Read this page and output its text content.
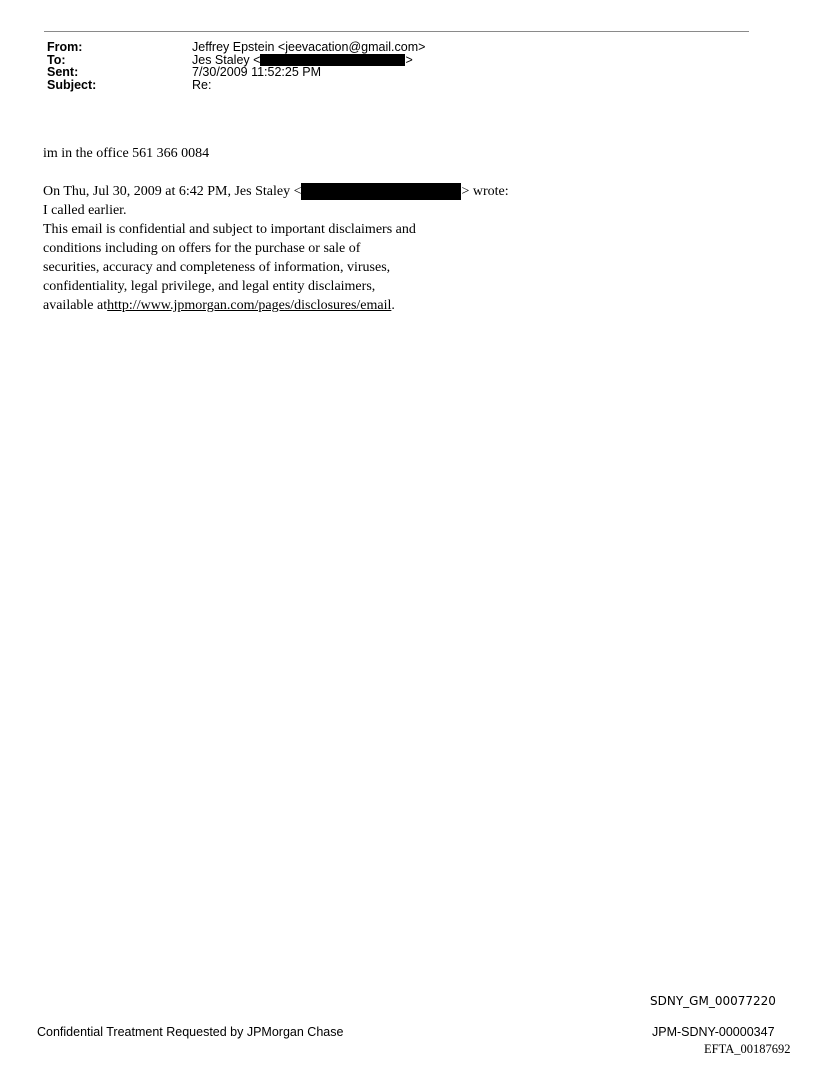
From:	Jeffrey Epstein <jeevacation@gmail.com>
To:	Jes Staley <	>
Sent:	7/30/2009 11:52:25 PM
Subject:	Re:
im in the office 561 366 0084
On Thu, Jul 30, 2009 at 6:42 PM, Jes Staley <	> wrote:
I called earlier.
This email is confidential and subject to important disclaimers and
conditions including on offers for the purchase or sale of
securities, accuracy and completeness of information, viruses,
confidentiality, legal privilege, and legal entity disclaimers,
available at http://www.jpmorgan.com/pages/disclosures/email .
SDNY_GM_00077220
Confidential Treatment Requested by JPMorgan Chase	JPM-SDNY-00000347
EFTA_00187692
